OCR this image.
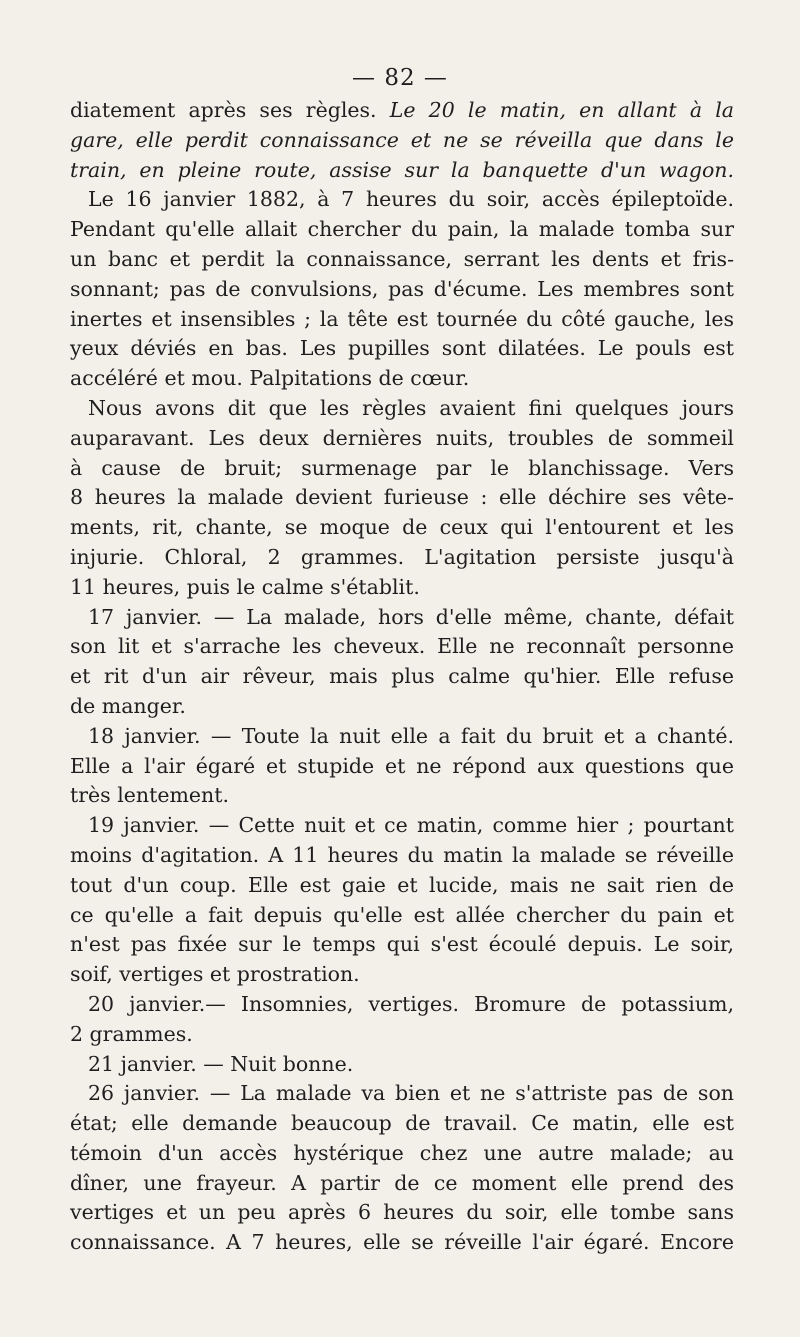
— 82 —
diatement après ses règles. Le 20 le matin, en allant à la
gare, elle perdit connaissance et ne se réveilla que dans le
train, en pleine route, assise sur la banquette d'un wagon.
Le 16 janvier 1882, à 7 heures du soir, accès épileptoïde.
Pendant qu'elle allait chercher du pain, la malade tomba sur
un banc et perdit la connaissance, serrant les dents et fris-
sonnant; pas de convulsions, pas d'écume. Les membres sont
inertes et insensibles ; la tête est tournée du côté gauche, les
yeux déviés en bas. Les pupilles sont dilatées. Le pouls est
accéléré et mou. Palpitations de cœur.
Nous avons dit que les règles avaient fini quelques jours
auparavant. Les deux dernières nuits, troubles de sommeil
à cause de bruit; surmenage par le blanchissage. Vers
8 heures la malade devient furieuse : elle déchire ses vête-
ments, rit, chante, se moque de ceux qui l'entourent et les
injurie. Chloral, 2 grammes. L'agitation persiste jusqu'à
11 heures, puis le calme s'établit.
17 janvier. — La malade, hors d'elle même, chante, défait
son lit et s'arrache les cheveux. Elle ne reconnaît personne
et rit d'un air rêveur, mais plus calme qu'hier. Elle refuse
de manger.
18 janvier. — Toute la nuit elle a fait du bruit et a chanté.
Elle a l'air égaré et stupide et ne répond aux questions que
très lentement.
19 janvier. — Cette nuit et ce matin, comme hier ; pourtant
moins d'agitation. A 11 heures du matin la malade se réveille
tout d'un coup. Elle est gaie et lucide, mais ne sait rien de
ce qu'elle a fait depuis qu'elle est allée chercher du pain et
n'est pas fixée sur le temps qui s'est écoulé depuis. Le soir,
soif, vertiges et prostration.
20 janvier.— Insomnies, vertiges. Bromure de potassium,
2 grammes.
21 janvier. — Nuit bonne.
26 janvier. — La malade va bien et ne s'attriste pas de son
état; elle demande beaucoup de travail. Ce matin, elle est
témoin d'un accès hystérique chez une autre malade; au
dîner, une frayeur. A partir de ce moment elle prend des
vertiges et un peu après 6 heures du soir, elle tombe sans
connaissance. A 7 heures, elle se réveille l'air égaré. Encore
